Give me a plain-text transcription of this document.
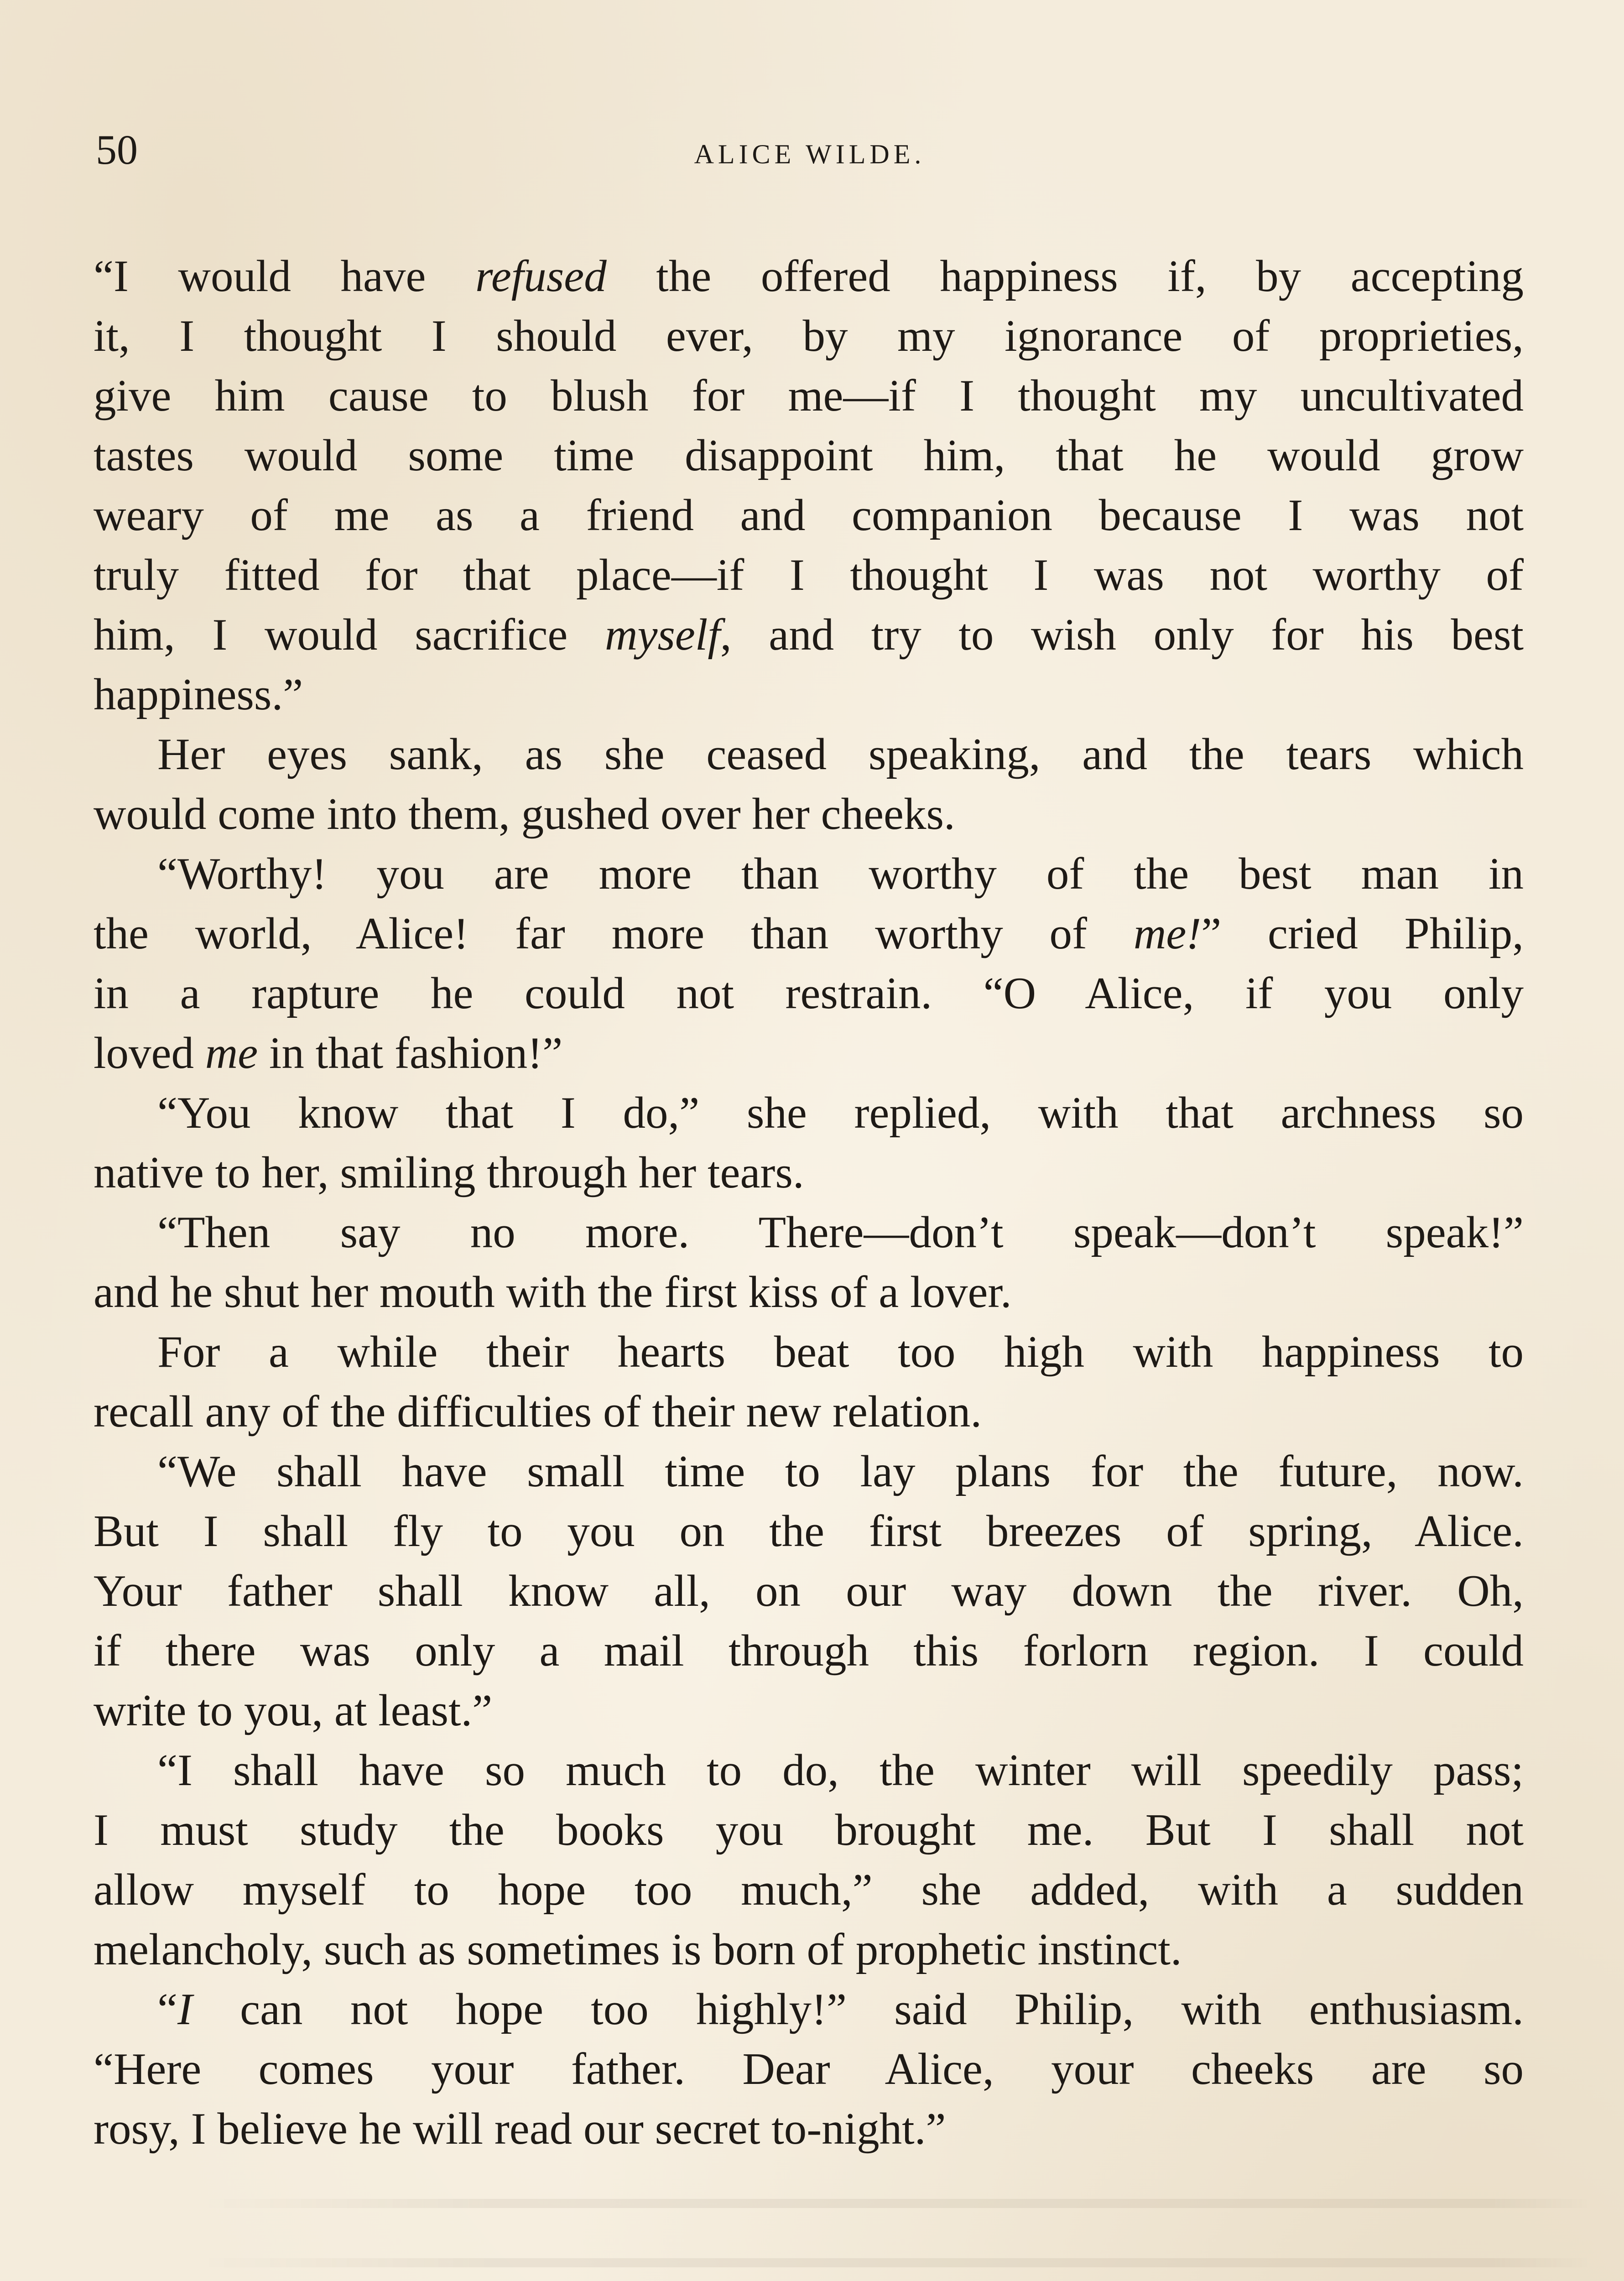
50	ALICE WILDE.
“I would have refused the offered happiness if, by accepting
it, I thought I should ever, by my ignorance of proprieties,
give him cause to blush for me—if I thought my uncultivated
tastes would some time disappoint him, that he would grow
weary of me as a friend and companion because I was not
truly fitted for that place—if I thought I was not worthy of
him, I would sacrifice myself, and try to wish only for his best
happiness.”
Her eyes sank, as she ceased speaking, and the tears which
would come into them, gushed over her cheeks.
“Worthy! you are more than worthy of the best man in
the world, Alice! far more than worthy of me!” cried Philip,
in a rapture he could not restrain. “O Alice, if you only
loved me in that fashion!”
“You know that I do,” she replied, with that archness so
native to her, smiling through her tears.
“Then say no more. There—don’t speak—don’t speak!”
and he shut her mouth with the first kiss of a lover.
For a while their hearts beat too high with happiness to
recall any of the difficulties of their new relation.
“We shall have small time to lay plans for the future, now.
But I shall fly to you on the first breezes of spring, Alice.
Your father shall know all, on our way down the river. Oh,
if there was only a mail through this forlorn region. I could
write to you, at least.”
“I shall have so much to do, the winter will speedily pass;
I must study the books you brought me. But I shall not
allow myself to hope too much,” she added, with a sudden
melancholy, such as sometimes is born of prophetic instinct.
“I can not hope too highly!” said Philip, with enthusiasm.
“Here comes your father. Dear Alice, your cheeks are so
rosy, I believe he will read our secret to-night.”
